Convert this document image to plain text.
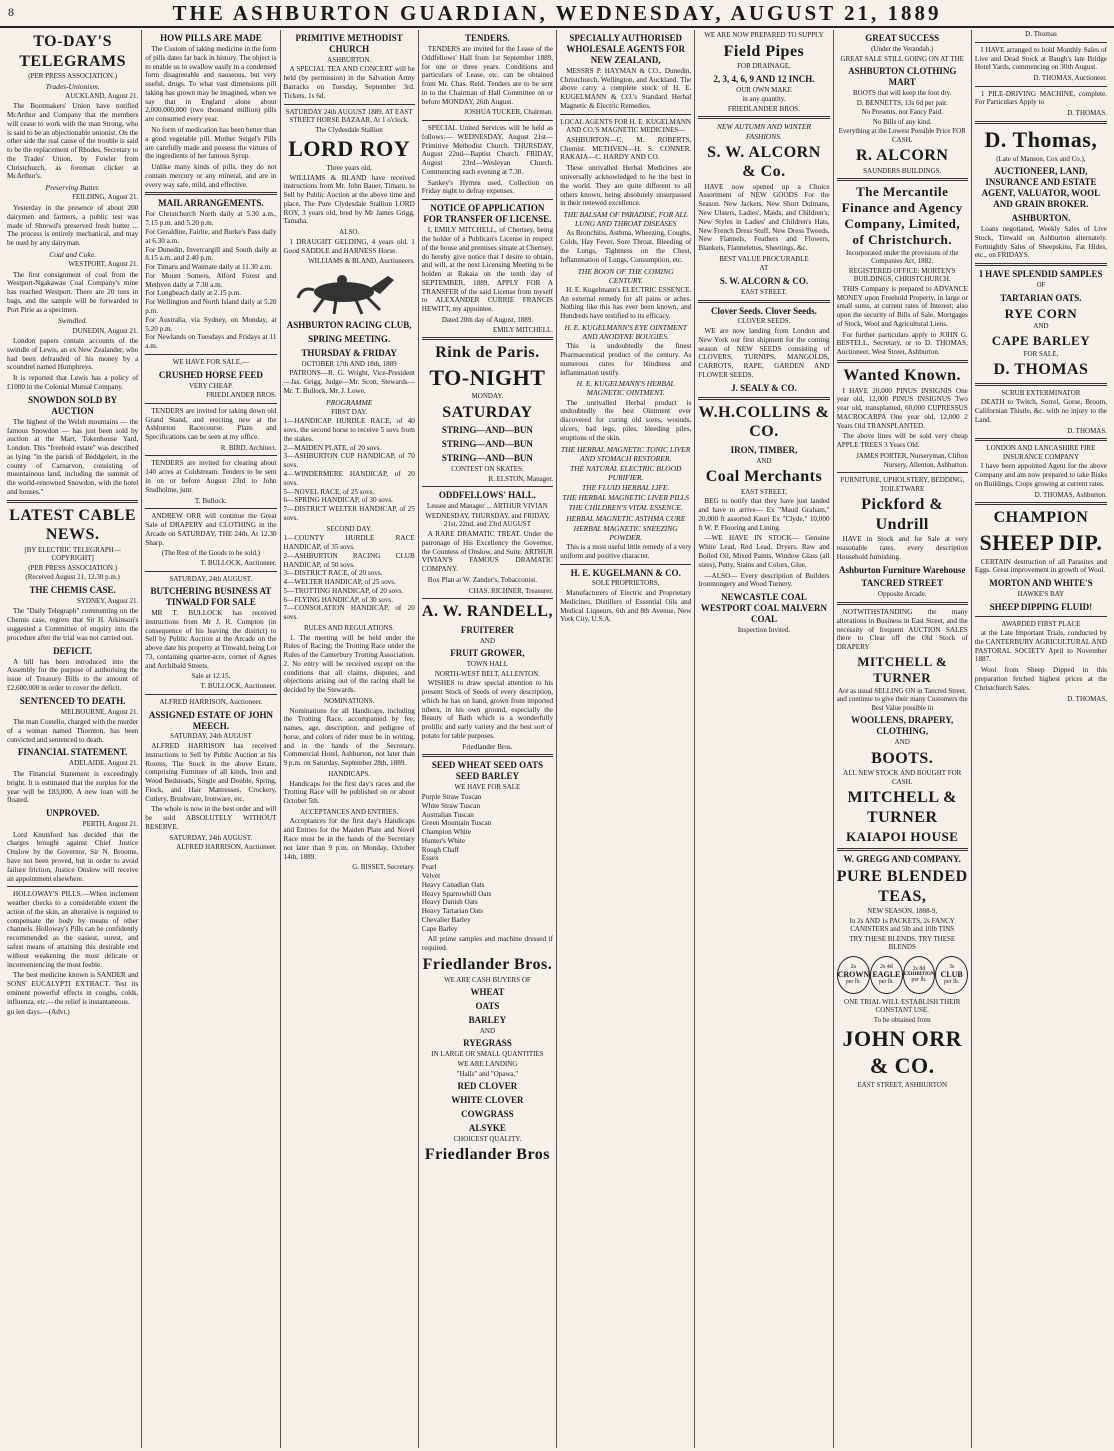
8	THE ASHBURTON GUARDIAN, WEDNESDAY, AUGUST 21, 1889
TO-DAY'S TELEGRAMS
(PER PRESS ASSOCIATION.)
Trades-Unionism.
AUCKLAND, August 21.

The Bootmakers' Union have notified McArthur and Company that the members will cease to work with the man Strong, who is said to be an objectionable unionist. On the other side the real cause of the trouble is said to be the replacement of Rhodes, Secretary to the Trades' Union, by Fowler from Christchurch, as foreman clicker at McArthur's.

Preserving Butter.
FEILDING, August 21.

Yesterday in the presence of about 200 dairymen and farmers, a public test was made of Shrewd's preserved fresh butter ... The process is entirely mechanical, and may be used by any dairyman.

Coal and Coke.
WESTPORT, August 21.

The first consignment of coal from the Westport-Ngakawau Coal Company's mine has reached Westport. There are 20 tons in bags, and the sample will be forwarded to Port Pirie as a specimen.

Swindled.
DUNEDIN, August 21.

London papers contain accounts of the swindle of Lewis, an ex New Zealander, who had been defrauded of his money by a scoundrel named Humphreys.

It is reported that Lewis has a policy of £1000 in the Colonial Mutual Company.

SNOWDON SOLD BY AUCTION

The highest of the Welsh mountains — the famous Snowdon — has just been sold by auction at the Mart, Tokenhouse Yard, London. This "freehold estate" was described as lying "in the parish of Beddgelert, in the county of Carnarvon, consisting of mountainous land, including the summit of the world-renowned Snowdon, with the hotel and houses."

LATEST CABLE NEWS.
[BY ELECTRIC TELEGRAPH—COPYRIGHT]
(PER PRESS ASSOCIATION.)
(Received August 21, 12.30 p.m.)
THE CHEMIS CASE.
SYDNEY, August 21.

The "Daily Telegraph" commenting on the Chemis case, regrets that Sir H. Atkinson's suggested a Committee of enquiry into the procedure after the trial was not carried out.

DEFICIT.

A bill has been introduced into the Assembly for the purpose of authorising the issue of Treasury Bills to the amount of £2,600,000 in order to cover the deficit.

SENTENCED TO DEATH.
MELBOURNE, August 21.

The man Costello, charged with the murder of a woman named Thornton, has been convicted and sentenced to death.

FINANCIAL STATEMENT.
ADELAIDE, August 21.

The Financial Statement is exceedingly bright. It is estimated that the surplus for the year will be £83,000. A new loan will be floated.

UNPROVED.
PERTH, August 21.

Lord Knutsford has decided that the charges brought against Chief Justice Onslow by the Governor, Sir N. Broome, have not been proved, but in order to avoid failure friction, Justice Onslow will receive an appointment elsewhere.

HOLLOWAY'S PILLS.—When inclement weather checks to a considerable extent the action of the skin, an alterative is required to compensate the body by means of other channels. Holloway's Pills can be confidently recommended as the easiest, surest, and safest means of attaining this desirable end without weakening the most delicate or inconveniencing the most feeble.

The best medicine known is SANDER and SONS' EUCALYPTI EXTRACT. Test its eminent powerful effects in coughs, colds, influenza, etc.—the relief is instantaneous.

gu ien days.—(Advt.)
HOW PILLS ARE MADE

The Custom of taking medicine in the form of pills dates far back in history. The object is to enable us to swallow easily in a condensed form disagreeable and nauseous, but very useful, drugs. To what vast dimensions pill taking has grown may be imagined, when we say that in England alone about 2,000,000,000 (two thousand million) pills are consumed every year.

No form of medication has been better than a good vegetable pill. Mother Seigel's Pills are carefully made and possess the virtues of the ingredients of her famous Syrup.

Unlike many kinds of pills, they do not contain mercury or any mineral, and are in every way safe, mild, and effective.

MAIL ARRANGEMENTS.
For Christchurch North daily at 5.30 a.m., 7.15 p.m. and 5.20 p.m.
For Geraldine, Fairlie, and Burke's Pass daily at 6.30 a.m.
For Dunedin, Invercargill and South daily at 8.15 a.m. and 2.40 p.m.
For Timaru and Waimate daily at 11.30 a.m.
For Mount Somers, Alford Forest and Methven daily at 7.30 a.m.
For Longbeach daily at 2.15 p.m.
For Wellington and North Island daily at 5.20 p.m.
For Australia, via Sydney, on Monday, at 5.20 p.m.
For Newlands on Tuesdays and Fridays at 11 a.m.
WE HAVE FOR SALE,—
CRUSHED HORSE FEED
VERY CHEAP.
FRIEDLANDER BROS.

TENDERS are invited for taking down old Grand Stand, and erecting new at the Ashburton Racecourse. Plans and Specifications can be seen at my office.

R. BIRD, Architect.

TENDERS are invited for clearing about 140 acres at Coldstream. Tenders to be sent in on or before August 23rd to John Studholme, junr.

T. Bullock.

ANDREW ORR will continue the Great Sale of DRAPERY and CLOTHING in the Arcade on SATURDAY, THE 24th, At 12.30 Sharp.

(The Rest of the Goods to be sold.)
T. BULLOCK, Auctioneer.
SATURDAY, 24th AUGUST.
BUTCHERING BUSINESS AT TINWALD FOR SALE

MR T. BULLOCK has received instructions from Mr J. R. Compton (in consequence of his leaving the district) to Sell by Public Auction at the Arcade on the above date his property at Tinwald, being Lot 73, containing quarter-acre, corner of Agnes and Archibald Streets.

Sale at 12.15.
T. BULLOCK, Auctioneer.
ALFRED HARRISON, Auctioneer.
ASSIGNED ESTATE OF JOHN MEECH.
SATURDAY, 24th AUGUST

ALFRED HARRISON has received instructions to Sell by Public Auction at his Rooms, The Stock in the above Estate, comprising Furniture of all kinds, Iron and Wood Bedsteads, Single and Double, Spring, Flock, and Hair Mattresses, Crockery, Cutlery, Brushware, Ironware, etc.

The whole is now in the best order and will be sold ABSOLUTELY WITHOUT RESERVE.

SATURDAY, 24th AUGUST.
ALFRED HARRISON, Auctioneer.
PRIMITIVE METHODIST CHURCH
ASHBURTON.

A SPECIAL TEA AND CONCERT will be held (by permission) in the Salvation Army Barracks on Tuesday, September 3rd. Tickets, 1s 6d.

SATURDAY 24th AUGUST 1889. AT EAST STREET HORSE BAZAAR, At 1 o'clock.
The Clydesdale Stallion
LORD ROY
Three years old,

WILLIAMS & BLAND have received instructions from Mr. John Bauer, Timaru, to Sell by Public Auction at the above time and place, The Pure Clydesdale Stallion LORD ROY, 3 years old, bred by Mr James Grigg, Tamaha.

ALSO.

1 DRAUGHT GELDING, 4 years old. 1 Good SADDLE and HARNESS Horse.

WILLIAMS & BLAND, Auctioneers.
ASHBURTON RACING CLUB,
SPRING MEETING.
THURSDAY & FRIDAY
OCTOBER 17th AND 18th, 1889

PATRONS—R. G. Wright, Vice-President—Jas. Grigg, Judge—Mr. Scott, Stewards—Mr. T. Bullock, Mr. J. Lowe.

PROGRAMME
FIRST DAY.
1—HANDICAP HURDLE RACE, of 40 sovs, the second horse to receive 5 sovs from the stakes.
2—MAIDEN PLATE, of 20 sovs.
3—ASHBURTON CUP HANDICAP, of 70 sovs.
4—WINDERMERE HANDICAP, of 20 sovs.
5—NOVEL RACE, of 25 sovs.
6—SPRING HANDICAP, of 30 sovs.
7—DISTRICT WELTER HANDICAP, of 25 sovs.
SECOND DAY.
1—COUNTY HURDLE RACE HANDICAP, of 35 sovs.
2—ASHBURTON RACING CLUB HANDICAP, of 50 sovs.
3—DISTRICT RACE, of 20 sovs.
4—WELTER HANDICAP, of 25 sovs.
5—TROTTING HANDICAP, of 20 sovs.
6—FLYING HANDICAP, of 30 sovs.
7—CONSOLATION HANDICAP, of 20 sovs.
RULES AND REGULATIONS.

1. The meeting will be held under the Rules of Racing; the Trotting Race under the Rules of the Canterbury Trotting Association. 2. No entry will be received except on the conditions that all claims, disputes, and objections arising out of the racing shall be decided by the Stewards.

NOMINATIONS.

Nominations for all Handicaps, including the Trotting Race, accompanied by fee, names, age, description, and pedigree of horse, and colors of rider must be in writing, and in the hands of the Secretary, Commercial Hotel, Ashburton, not later than 9 p.m. on Saturday, September 28th, 1889.

HANDICAPS.

Handicaps for the first day's races and the Trotting Race will be published on or about October 5th.

ACCEPTANCES AND ENTRIES.

Acceptances for the first day's Handicaps and Entries for the Maiden Plate and Novel Race must be in the hands of the Secretary not later than 9 p.m. on Monday, October 14th, 1889.

G. BISSET, Secretary.
TENDERS.

TENDERS are invited for the Lease of the Oddfellows' Hall from 1st September 1889, for one or three years. Conditions and particulars of Lease, etc. can be obtained from Mr. Chas. Reid. Tenders are to be sent in to the Chairman of Hall Committee on or before MONDAY, 26th August.

JOSHUA TUCKER, Chairman.

SPECIAL United Services will be held as follows:— WEDNESDAY, August 21st—Primitive Methodist Church. THURSDAY, August 22nd—Baptist Church. FRIDAY, August 23rd—Wesleyan Church. Commencing each evening at 7.30.

Sankey's Hymns used. Collection on Friday night to defray expenses.

NOTICE OF APPLICATION FOR TRANSFER OF LICENSE.

I, EMILY MITCHELL, of Chertsey, being the holder of a Publican's License in respect of the house and premises situate at Chertsey, do hereby give notice that I desire to obtain, and will, at the next Licensing Meeting to be holden at Rakaia on the tenth day of SEPTEMBER, 1889, APPLY FOR A TRANSFER of the said License from myself to ALEXANDER CURRIE FRANCIS HEWITT, my appointee.

Dated 20th day of August, 1889.
EMILY MITCHELL.
Rink de Paris.
TO-NIGHT
MONDAY.
SATURDAY
STRING—AND—BUN
STRING—AND—BUN
STRING—AND—BUN
CONTEST ON SKATES.
R. ELSTON, Manager.
ODDFELLOWS' HALL.
Lessee and Manager ... ARTHUR VIVIAN
WEDNESDAY, THURSDAY, and FRIDAY, 21st, 22nd, and 23rd AUGUST

A RARE DRAMATIC TREAT. Under the patronage of His Excellency the Governor, the Countess of Onslow, and Suite. ARTHUR VIVIAN'S FAMOUS DRAMATIC COMPANY.

Box Plan at W. Zander's, Tobacconist.

CHAS. RICHNER, Treasurer.
A. W. RANDELL,
FRUITERER
AND
FRUIT GROWER,
TOWN HALL
NORTH-WEST BELT, ALLENTON.

WISHES to draw special attention to his present Stock of Seeds of every description, which he has on hand, grown from imported tubers, in his own ground, especially the Beauty of Bath which is a wonderfully prolific and early variety and the best sort of potato for table purposes.

Friedlander Bros.
SEED WHEAT SEED OATS SEED BARLEY
WE HAVE FOR SALE
Purple Straw Tuscan
White Straw Tuscan
Australian Tuscan
Green Mountain Tuscan
Champion White
Hunter's White
Rough Chaff
Essex
Pearl
Velvet
Heavy Canadian Oats
Heavy Sparrowbill Oats
Heavy Danish Oats
Heavy Tartarian Oats
Chevalier Barley
Cape Barley

All prime samples and machine dressed if required.

Friedlander Bros.
WE ARE CASH BUYERS OF
WHEAT
OATS
BARLEY
AND
RYEGRASS
IN LARGE OR SMALL QUANTITIES
WE ARE LANDING
"Halls" and "Opawa,"
RED CLOVER
WHITE CLOVER
COWGRASS
ALSYKE
CHOICEST QUALITY.
Friedlander Bros
SPECIALLY AUTHORISED WHOLESALE AGENTS FOR NEW ZEALAND,

MESSRS P. HAYMAN & CO., Dunedin, Christchurch, Wellington, and Auckland. The above carry a complete stock of H. E. KUGELMANN & CO.'s Standard Herbal Magnetic & Electric Remedies.

LOCAL AGENTS FOR H. E. KUGELMANN AND CO.'S MAGNETIC MEDICINES—

ASHBURTON—C. M. ROBERTS, Chemist. METHVEN—H. S. CONNER. RAKAIA—C. HARDY AND CO.

These unrivalled Herbal Medicines are universally acknowledged to be the best in the world. They are quite different to all others known, being absolutely unsurpassed in their renewed excellence.

THE BALSAM OF PARADISE, FOR ALL LUNG AND THROAT DISEASES

As Bronchitis, Asthma, Wheezing, Coughs, Colds, Hay Fever, Sore Throat, Bleeding of the Lungs, Tightness on the Chest, Inflammation of Lungs, Consumption, etc.

THE BOON OF THE COMING CENTURY.

H. E. Kugelmann's ELECTRIC ESSENCE. An external remedy for all pains or aches. Nothing like this has ever been known, and Hundreds have testified to its efficacy.

H. E. KUGELMANN'S EYE OINTMENT AND ANODYNE BOUGIES.

This is undoubtedly the finest Pharmaceutical product of the century. As numerous cures for blindness and inflammation testify.

H. E. KUGELMANN'S HERBAL MAGNETIC OINTMENT.

The unrivalled Herbal product is undoubtedly the best Ointment ever discovered for curing old sores, wounds, ulcers, bad legs, piles, bleeding piles, eruptions of the skin.

THE HERBAL MAGNETIC TONIC LIVER AND STOMACH RESTORER.
THE NATURAL ELECTRIC BLOOD PURIFIER.
THE FLUID HERBAL LIFE.
THE HERBAL MAGNETIC LIVER PILLS
THE CHILDREN'S VITAL ESSENCE.
HERBAL MAGNETIC ASTHMA CURE
HERBAL MAGNETIC SNEEZING POWDER.

This is a most useful little remedy of a very uniform and positive character.

H. E. KUGELMANN & CO.
SOLE PROPRIETORS,

Manufacturers of Electric and Proprietary Medicines, Distillers of Essential Oils and Medical Liqueurs, 6th and 8th Avenue, New York City, U.S.A.

WE ARE NOW PREPARED TO SUPPLY
Field Pipes
FOR DRAINAGE,
2, 3, 4, 6, 9 AND 12 INCH.
OUR OWN MAKE
in any quantity.
FRIEDLANDER BROS.
NEW AUTUMN AND WINTER FASHIONS.
S. W. ALCORN & Co.

HAVE now opened up a Choice Assortment of NEW GOODS For the Season. New Jackets, New Short Dolmans, New Ulsters, Ladies', Maids, and Children's; New Styles in Ladies' and Children's Hats, New French Dress Stuff, New Dress Tweeds, New Flannels, Feathers and Flowers, Blankets, Flannelettes, Sheetings, &c.

BEST VALUE PROCURABLE
AT
S. W. ALCORN & CO.
EAST STREET.
Clover Seeds. Clover Seeds.
CLOVER SEEDS.

WE are now landing from London and New York our first shipment for the coming season of NEW SEEDS consisting of CLOVERS, TURNIPS, MANGOLDS, CARROTS, RAPE, GARDEN AND FLOWER SEEDS.

J. SEALY & CO.
W.H.COLLINS & CO.
IRON, TIMBER,
AND
Coal Merchants
EAST STREET,

BEG to notify that they have just landed and have to arrive— Ex "Maud Graham," 20,000 ft assorted Kauri Ex "Clyde," 10,000 ft W. P. Flooring and Lining.

—WE HAVE IN STOCK— Genuine White Lead, Red Lead, Dryers, Raw and Boiled Oil, Mixed Paints, Window Glass (all sizes), Putty, Stains and Colors, Glue.

—ALSO— Every description of Builders Ironmongery and Wood Turnery.

NEWCASTLE COAL WESTPORT COAL MALVERN COAL
Inspection Invited.
GREAT SUCCESS
(Under the Verandah.)
GREAT SALE STILL GOING ON AT THE
ASHBURTON CLOTHING MART
BOOTS that will keep the foot dry.
D. BENNETTS, 13s 6d per pair.
No Presents, nor Fancy Paid.
No Bills of any kind.
Everything at the Lowest Possible Price FOR CASH.
R. ALCORN
SAUNDERS BUILDINGS.
The Mercantile Finance and Agency Company, Limited, of Christchurch.
Incorporated under the provisions of the Companies Act, 1882.
REGISTERED OFFICE: MORTEN'S BUILDINGS, CHRISTCHURCH.

THIS Company is prepared to ADVANCE MONEY upon Freehold Property, in large or small sums, at current rates of Interest; also upon the security of Bills of Sale, Mortgages of Stock, Wool and Agricultural Liens.

For further particulars apply to JOHN G. BESTELL, Secretary, or to D. THOMAS, Auctioneer, West Street, Ashburton.

Wanted Known.

I HAVE 20,000 PINUS INSIGNIS One year old, 12,000 PINUS INSIGNUS Two year old, transplanted, 60,000 CUPRESSUS MACROCARPA One year old, 12,000 2 Years Old TRANSPLANTED.

The above lines will be sold very cheap APPLE TREES 3 Years Old.

JAMES PORTER, Nurseryman, Clifton Nursery, Allenton, Ashburton.
FURNITURE, UPHOLSTERY, BEDDING, TOILETWARE
Pickford & Undrill

HAVE in Stock and for Sale at very reasonable rates, every description Household furnishing.

Ashburton Furniture Warehouse
TANCRED STREET
Opposite Arcade.

NOTWITHSTANDING the many alterations in Business in East Street, and the necessity of frequent AUCTION SALES there to Clear off the Old Stock of DRAPERY

MITCHELL & TURNER
Are as usual SELLING ON in Tancred Street, and continue to give their many Customers the Best Value possible in
WOOLLENS, DRAPERY, CLOTHING,
AND
BOOTS.
ALL NEW STOCK AND BOUGHT FOR CASH.
MITCHELL & TURNER
KAIAPOI HOUSE
W. GREGG AND COMPANY.
PURE BLENDED TEAS,
NEW SEASON, 1888-9,
In 2s AND 1s PACKETS, 2s FANCY CANISTERS and 5lb and 10lb TINS
TRY THESE BLENDS. TRY THESE BLENDS
2s
CROWN
per lb.
2s 4d
EAGLE
per lb.
2s 8d
EXHIBITION
per lb.
3s
CLUB
per lb.
ONE TRIAL WILL ESTABLISH THEIR CONSTANT USE.
To be obtained from
JOHN ORR & CO.
EAST STREET, ASHBURTON
D. Thomas

I HAVE arranged to hold Monthly Sales of Live and Dead Stock at Baugh's late Bridge Hotel Yards, commencing on 30th August.

D. THOMAS, Auctioneer.

1 PILE-DRIVING MACHINE, complete. For Particulars Apply to

D. THOMAS.
D. Thomas,
(Late of Manson, Cox and Co.),
AUCTIONEER, LAND, INSURANCE AND ESTATE AGENT, VALUATOR, WOOL AND GRAIN BROKER.
ASHBURTON.

Loans negotiated, Weekly Sales of Live Stock, Tinwald on Ashburton alternately. Fortnightly Sales of Sheepskins, Fat Hides, etc., on FRIDAYS.

I HAVE SPLENDID SAMPLES
OF
TARTARIAN OATS.
RYE CORN
AND
CAPE BARLEY
FOR SALE,
D. THOMAS
SCRUB EXTERMINATOR

DEATH to Twitch, Sorrel, Gorse, Broom, Californian Thistle, &c. with no injury to the Land.

D. THOMAS.
LONDON AND LANCASHIRE FIRE INSURANCE COMPANY

I have been appointed Agent for the above Company and am now prepared to take Risks on Buildings, Crops growing at current rates.

D. THOMAS, Ashburton.
CHAMPION
SHEEP DIP.

CERTAIN destruction of all Parasites and Eggs. Great improvement in growth of Wool.

MORTON AND WHITE'S
HAWKE'S BAY
SHEEP DIPPING FLUID!
AWARDED FIRST PLACE

at the Late Important Trials, conducted by the CANTERBURY AGRICULTURAL AND PASTORAL SOCIETY April to November 1887.

Wool from Sheep Dipped in this preparation fetched highest prices at the Christchurch Sales.

D. THOMAS,
